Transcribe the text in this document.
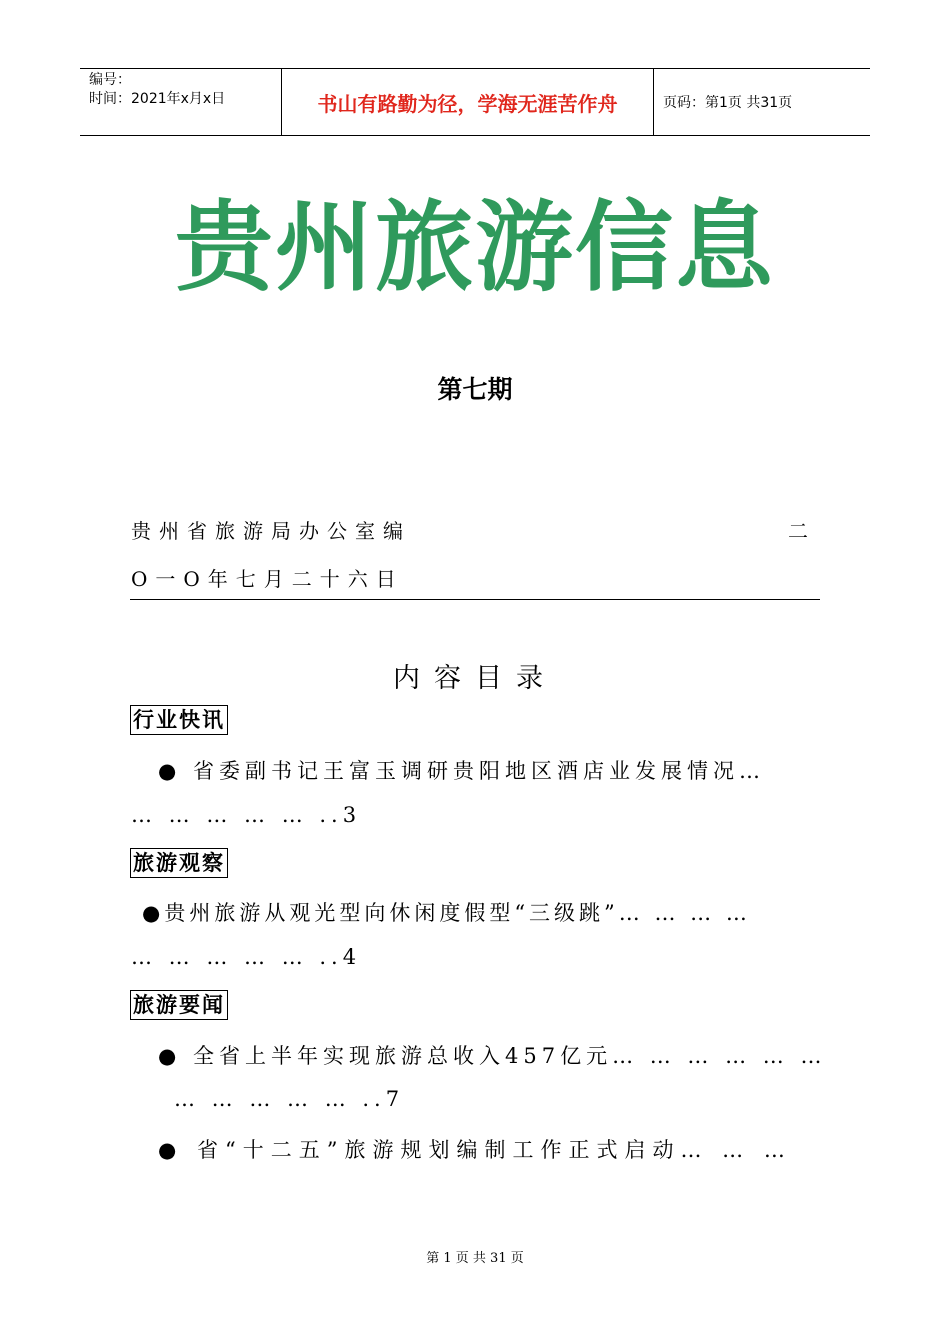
编号：
时间：2021年x月x日	书山有路勤为径，学海无涯苦作舟	页码：第1页 共31页
贵州旅游信息
第七期
贵州省旅游局办公室编	二
O一O年七月二十六日
内容目录
行业快讯
● 省委副书记王富玉调研贵阳地区酒店业发展情况…
… … … … … ..3
旅游观察
●贵州旅游从观光型向休闲度假型“三级跳”… … … …
… … … … … ..4
旅游要闻
● 全省上半年实现旅游总收入457亿元… … … … … …
… … … … … ..7
● 省“十二五”旅游规划编制工作正式启动… … …
第 1 页 共 31 页
